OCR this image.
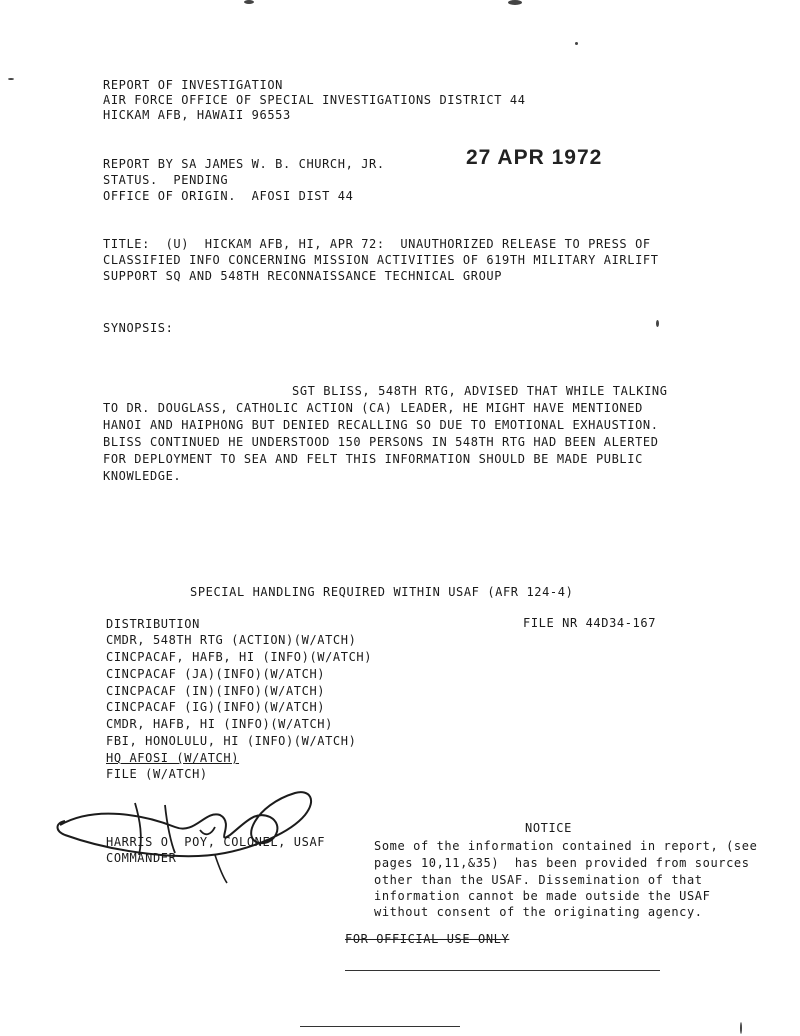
REPORT OF INVESTIGATION
AIR FORCE OFFICE OF SPECIAL INVESTIGATIONS DISTRICT 44
HICKAM AFB, HAWAII 96553
REPORT BY SA JAMES W. B. CHURCH, JR.
STATUS.  PENDING
OFFICE OF ORIGIN.  AFOSI DIST 44
27 APR 1972
TITLE:  (U)  HICKAM AFB, HI, APR 72:  UNAUTHORIZED RELEASE TO PRESS OF
CLASSIFIED INFO CONCERNING MISSION ACTIVITIES OF 619TH MILITARY AIRLIFT
SUPPORT SQ AND 548TH RECONNAISSANCE TECHNICAL GROUP
SYNOPSIS:
SGT BLISS, 548TH RTG, ADVISED THAT WHILE TALKING
TO DR. DOUGLASS, CATHOLIC ACTION (CA) LEADER, HE MIGHT HAVE MENTIONED
HANOI AND HAIPHONG BUT DENIED RECALLING SO DUE TO EMOTIONAL EXHAUSTION.
BLISS CONTINUED HE UNDERSTOOD 150 PERSONS IN 548TH RTG HAD BEEN ALERTED
FOR DEPLOYMENT TO SEA AND FELT THIS INFORMATION SHOULD BE MADE PUBLIC
KNOWLEDGE.
SPECIAL HANDLING REQUIRED WITHIN USAF (AFR 124-4)
DISTRIBUTION	FILE NR 44D34-167
CMDR, 548TH RTG (ACTION)(W/ATCH)
CINCPACAF, HAFB, HI (INFO)(W/ATCH)
CINCPACAF (JA)(INFO)(W/ATCH)
CINCPACAF (IN)(INFO)(W/ATCH)
CINCPACAF (IG)(INFO)(W/ATCH)
CMDR, HAFB, HI (INFO)(W/ATCH)
FBI, HONOLULU, HI (INFO)(W/ATCH)
HQ AFOSI (W/ATCH)
FILE (W/ATCH)
HARRIS O. POY, COLONEL, USAF
COMMANDER
NOTICE
Some of the information contained in report, (see
pages 10,11,&35)  has been provided from sources
other than the USAF. Dissemination of that
information cannot be made outside the USAF
without consent of the originating agency.
FOR OFFICIAL USE ONLY
